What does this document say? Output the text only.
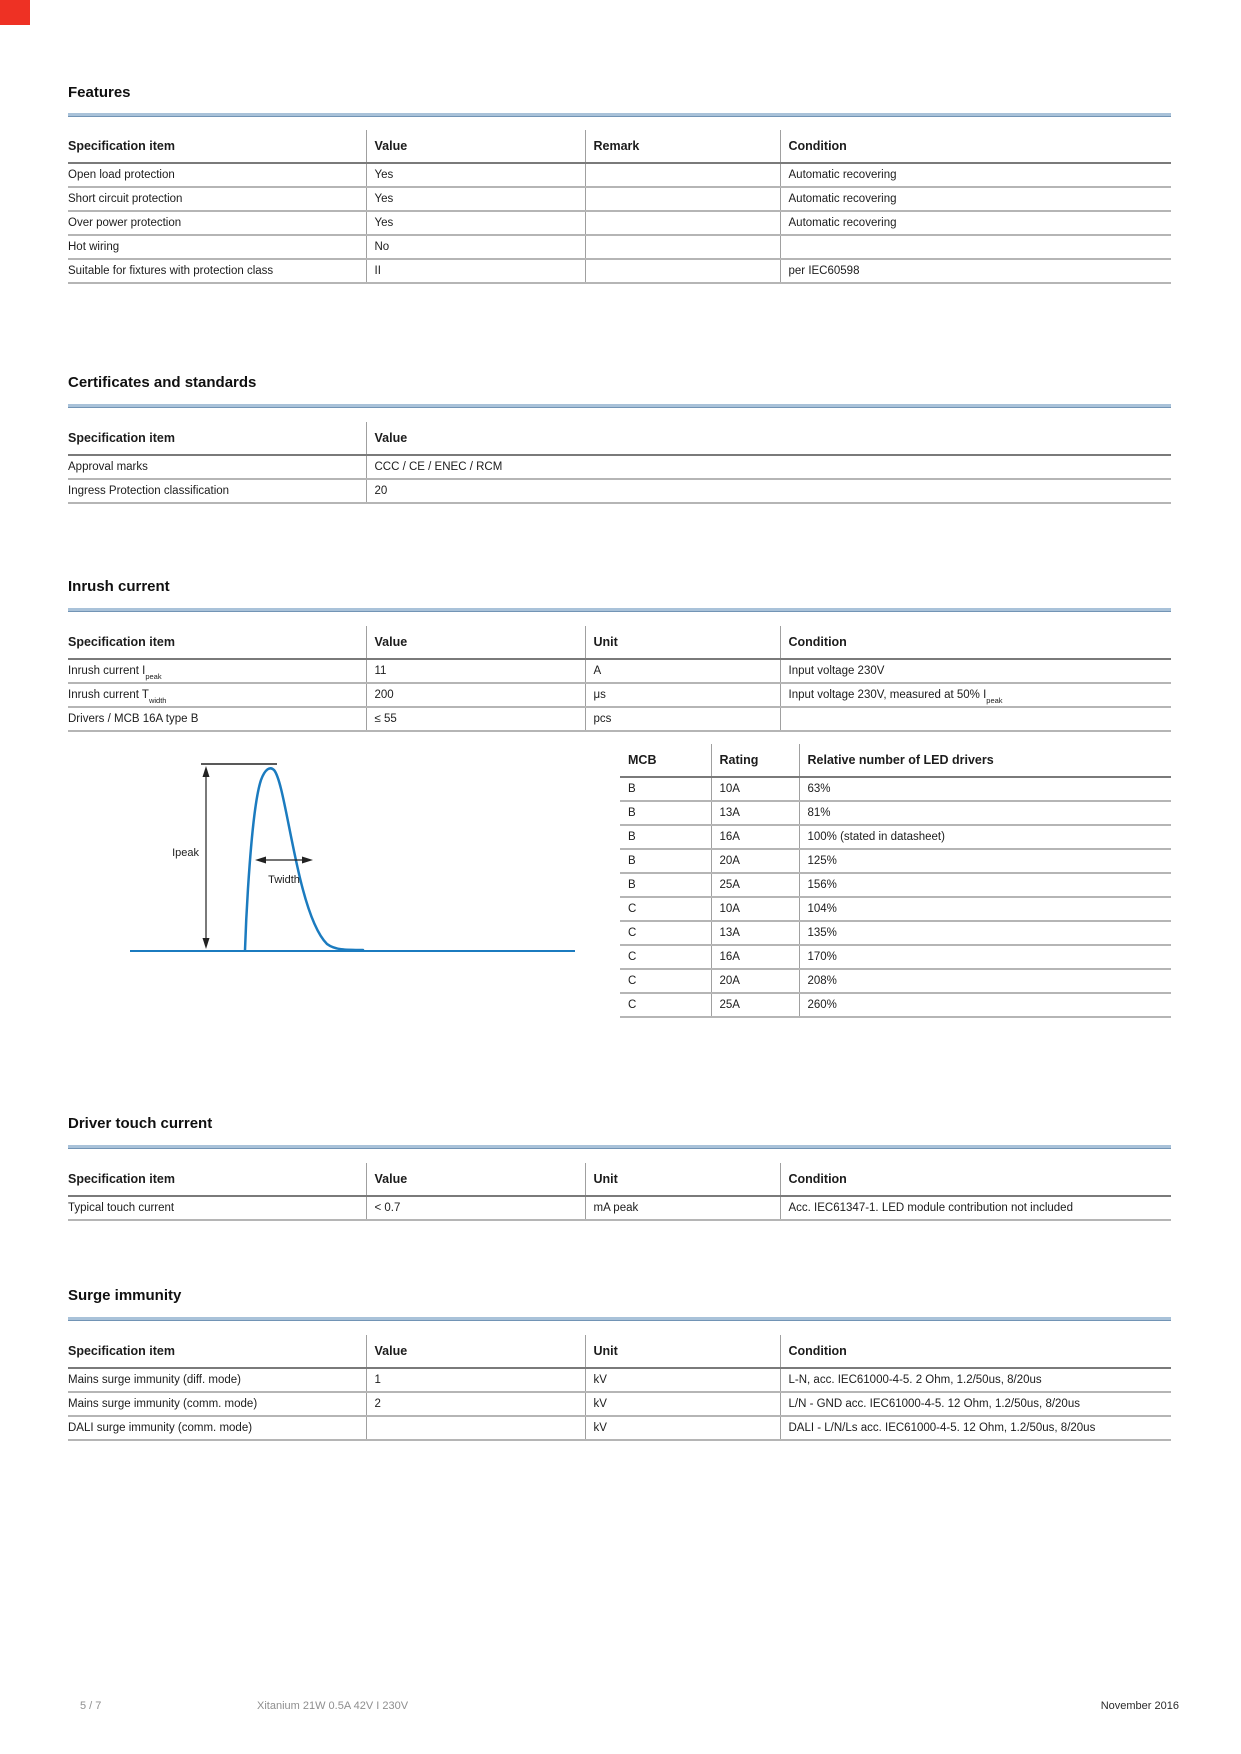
Features
Specification item	Value	Remark	Condition
Open load protection	Yes		Automatic recovering
Short circuit protection	Yes		Automatic recovering
Over power protection	Yes		Automatic recovering
Hot wiring	No		
Suitable for fixtures with protection class	II		per IEC60598
Certificates and standards
Specification item	Value
Approval marks	CCC / CE / ENEC / RCM
Ingress Protection classification	20
Inrush current
Specification item	Value	Unit	Condition
Inrush current $I_{peak}$	11	A	Input voltage 230V
Inrush current $T_{width}$	200	μs	Input voltage 230V, measured at 50% $I_{peak}$
Drivers / MCB 16A type B	≤ 55	pcs	
Ipeak
Twidth
MCB	Rating	Relative number of LED drivers
B	10A	63%
B	13A	81%
B	16A	100% (stated in datasheet)
B	20A	125%
B	25A	156%
C	10A	104%
C	13A	135%
C	16A	170%
C	20A	208%
C	25A	260%
Driver touch current
Specification item	Value	Unit	Condition
Typical touch current	< 0.7	mA peak	Acc. IEC61347-1. LED module contribution not included
Surge immunity
Specification item	Value	Unit	Condition
Mains surge immunity (diff. mode)	1	kV	L-N, acc. IEC61000-4-5. 2 Ohm, 1.2/50us, 8/20us
Mains surge immunity (comm. mode)	2	kV	L/N - GND acc. IEC61000-4-5. 12 Ohm, 1.2/50us, 8/20us
DALI surge immunity (comm. mode)		kV	DALI - L/N/Ls acc. IEC61000-4-5. 12 Ohm, 1.2/50us, 8/20us
5 / 7	Xitanium 21W 0.5A 42V I 230V	November 2016
